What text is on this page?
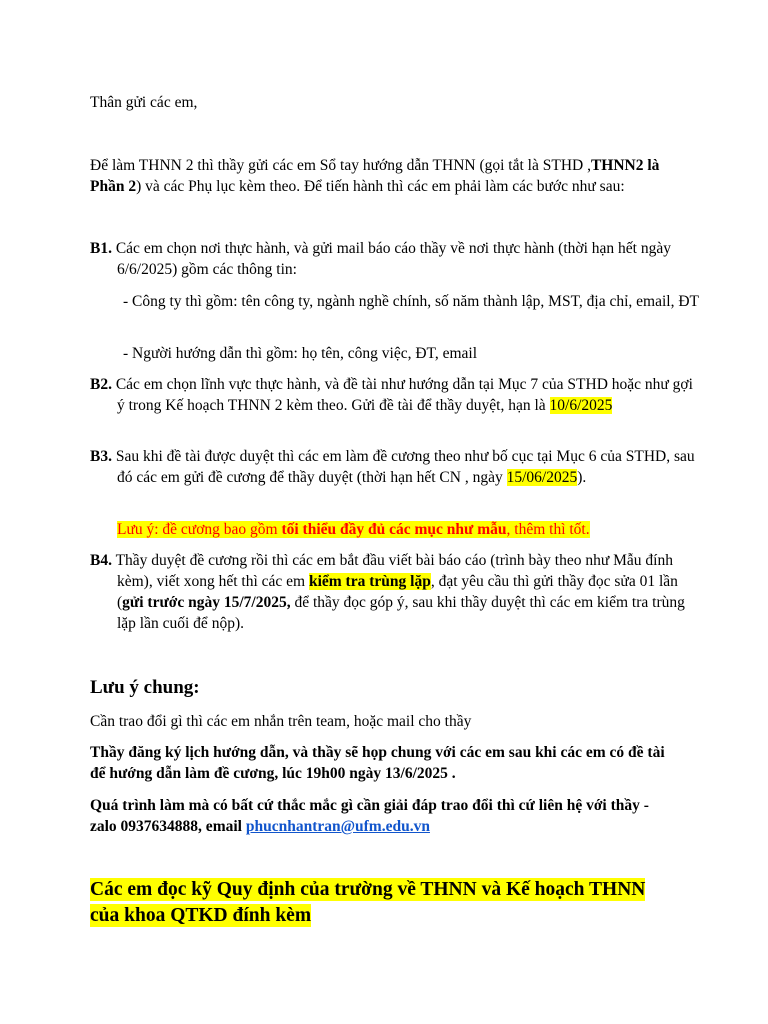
Thân gửi các em,

Để làm THNN 2 thì thầy gửi các em Sổ tay hướng dẫn THNN (gọi tắt là STHD ,THNN2 là Phần 2) và các Phụ lục kèm theo. Để tiến hành thì các em phải làm các bước như sau:

B1. Các em chọn nơi thực hành, và gửi mail báo cáo thầy về nơi thực hành (thời hạn hết ngày 6/6/2025) gồm các thông tin:

- Công ty thì gồm: tên công ty, ngành nghề chính, số năm thành lập, MST, địa chỉ, email, ĐT

- Người hướng dẫn thì gồm: họ tên, công việc, ĐT, email

B2. Các em chọn lĩnh vực thực hành, và đề tài như hướng dẫn tại Mục 7 của STHD hoặc như gợi ý trong Kế hoạch THNN 2 kèm theo. Gửi đề tài để thầy duyệt, hạn là 10/6/2025

B3. Sau khi đề tài được duyệt thì các em làm đề cương theo như bố cục tại Mục 6 của STHD, sau đó các em gửi đề cương để thầy duyệt (thời hạn hết CN , ngày 15/06/2025).

Lưu ý: đề cương bao gồm tối thiểu đầy đủ các mục như mẫu, thêm thì tốt.

B4. Thầy duyệt đề cương rồi thì các em bắt đầu viết bài báo cáo (trình bày theo như Mẫu đính kèm), viết xong hết thì các em kiểm tra trùng lặp, đạt yêu cầu thì gửi thầy đọc sửa 01 lần (gửi trước ngày 15/7/2025, để thầy đọc góp ý, sau khi thầy duyệt thì các em kiểm tra trùng lặp lần cuối để nộp).

Lưu ý chung:

Cần trao đổi gì thì các em nhắn trên team, hoặc mail cho thầy

Thầy đăng ký lịch hướng dẫn, và thầy sẽ họp chung với các em sau khi các em có đề tài để hướng dẫn làm đề cương, lúc 19h00 ngày 13/6/2025 .

Quá trình làm mà có bất cứ thắc mắc gì cần giải đáp trao đổi thì cứ liên hệ với thầy - zalo 0937634888, email phucnhantran@ufm.edu.vn

Các em đọc kỹ Quy định của trường về THNN và Kế hoạch THNN
của khoa QTKD đính kèm
